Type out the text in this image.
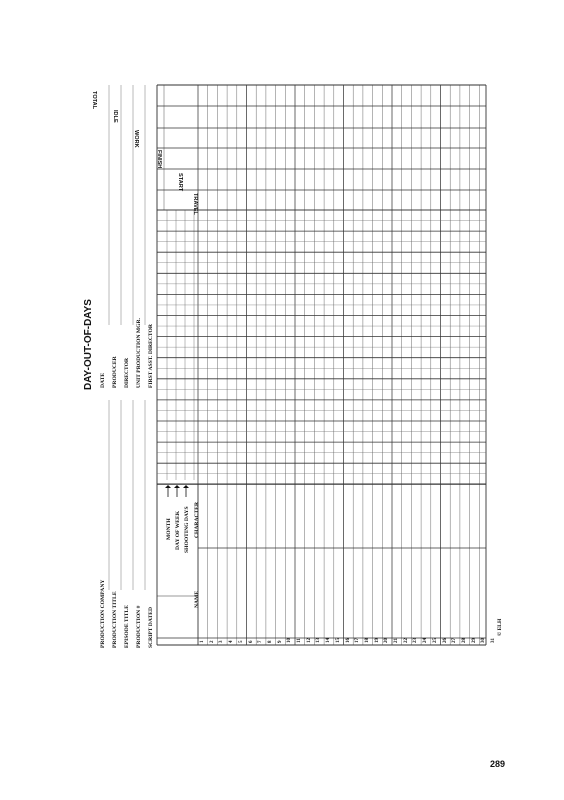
DAY-OUT-OF-DAYS
PRODUCTION COMPANY PRODUCTION TITLE EPISODE TITLE PRODUCTION # SCRIPT DATED
DATE PRODUCER DIRECTOR UNIT PRODUCTION MGR. FIRST ASST. DIRECTOR
MONTH DAY OF WEEK SHOOTING DAYS CHARACTER
NAME
TRAVEL
START
FINISH
WORK
IDLE
TOTAL
1 2 3 4 5 6 7 8 9 10 11 12 13 14 15 16 17 18 19 20 21 22 23 24 25 26 27 28 29 30 31
© ELH
289
